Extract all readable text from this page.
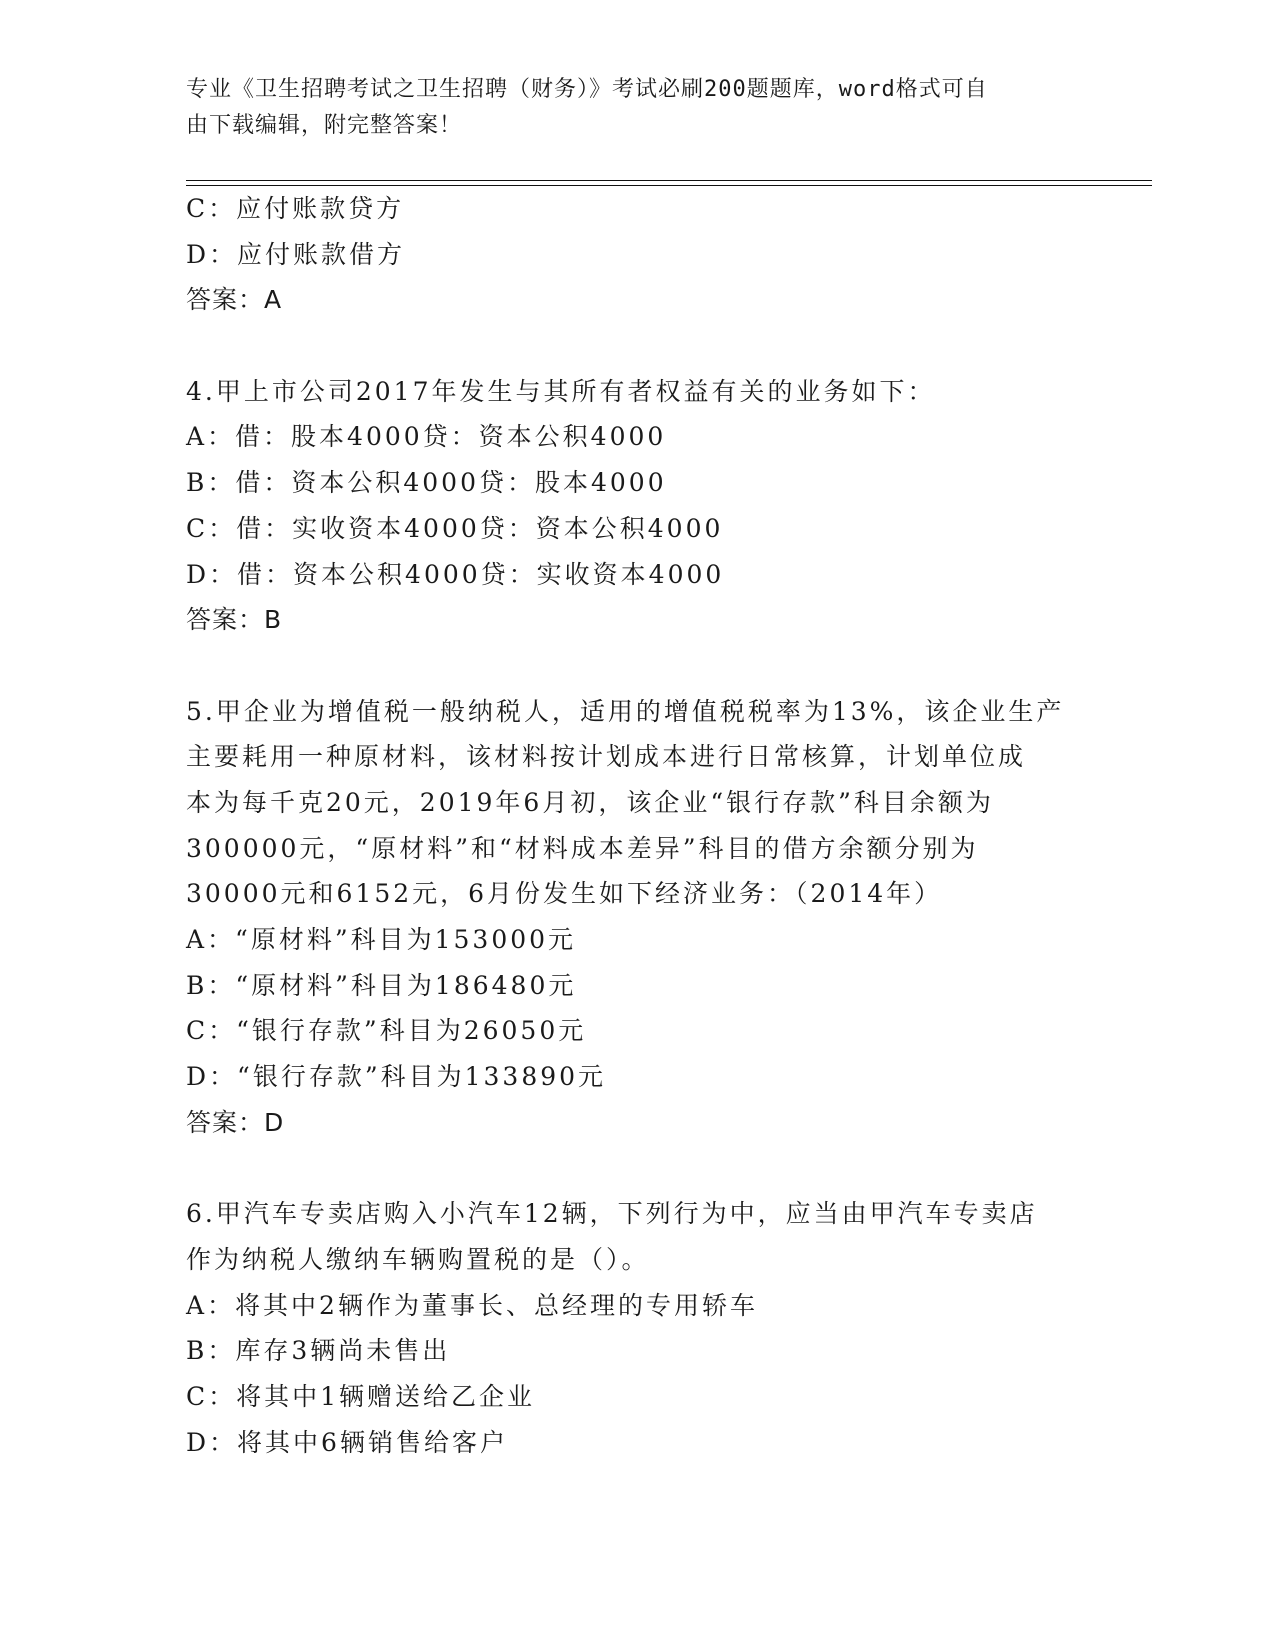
专业《卫生招聘考试之卫生招聘（财务）》考试必刷200题题库，word格式可自
由下载编辑，附完整答案！
C：应付账款贷方
D：应付账款借方
答案：A
4.甲上市公司2017年发生与其所有者权益有关的业务如下：
A：借：股本4000贷：资本公积4000
B：借：资本公积4000贷：股本4000
C：借：实收资本4000贷：资本公积4000
D：借：资本公积4000贷：实收资本4000
答案：B
5.甲企业为增值税一般纳税人，适用的增值税税率为13%，该企业生产
主要耗用一种原材料，该材料按计划成本进行日常核算，计划单位成
本为每千克20元，2019年6月初，该企业“银行存款”科目余额为
300000元，“原材料”和“材料成本差异”科目的借方余额分别为
30000元和6152元，6月份发生如下经济业务：（2014年）
A：“原材料”科目为153000元
B：“原材料”科目为186480元
C：“银行存款”科目为26050元
D：“银行存款”科目为133890元
答案：D
6.甲汽车专卖店购入小汽车12辆，下列行为中，应当由甲汽车专卖店
作为纳税人缴纳车辆购置税的是（）。
A：将其中2辆作为董事长、总经理的专用轿车
B：库存3辆尚未售出
C：将其中1辆赠送给乙企业
D：将其中6辆销售给客户
